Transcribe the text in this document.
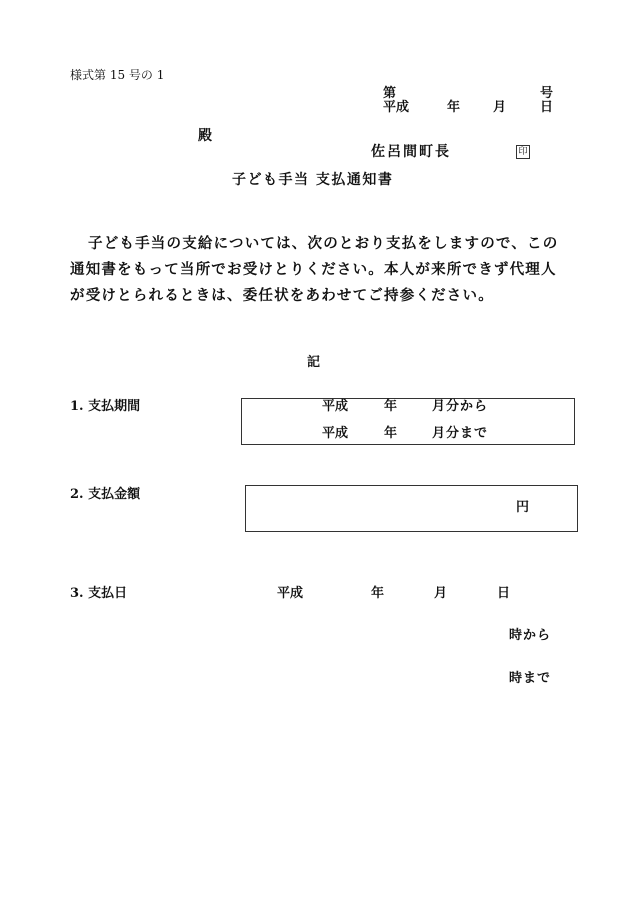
様式第 15 号の 1
第	号
平成	年	月	日
殿
佐呂間町長	印
子ども手当 支払通知書
子ども手当の支給については、次のとおり支払をしますので、この
通知書をもって当所でお受けとりください。本人が来所できず代理人
が受けとられるときは、委任状をあわせてご持参ください。
記
1. 支払期間	平成	年	月分から
平成	年	月分まで
2. 支払金額
円
3. 支払日	平成	年	月	日
時から
時まで
